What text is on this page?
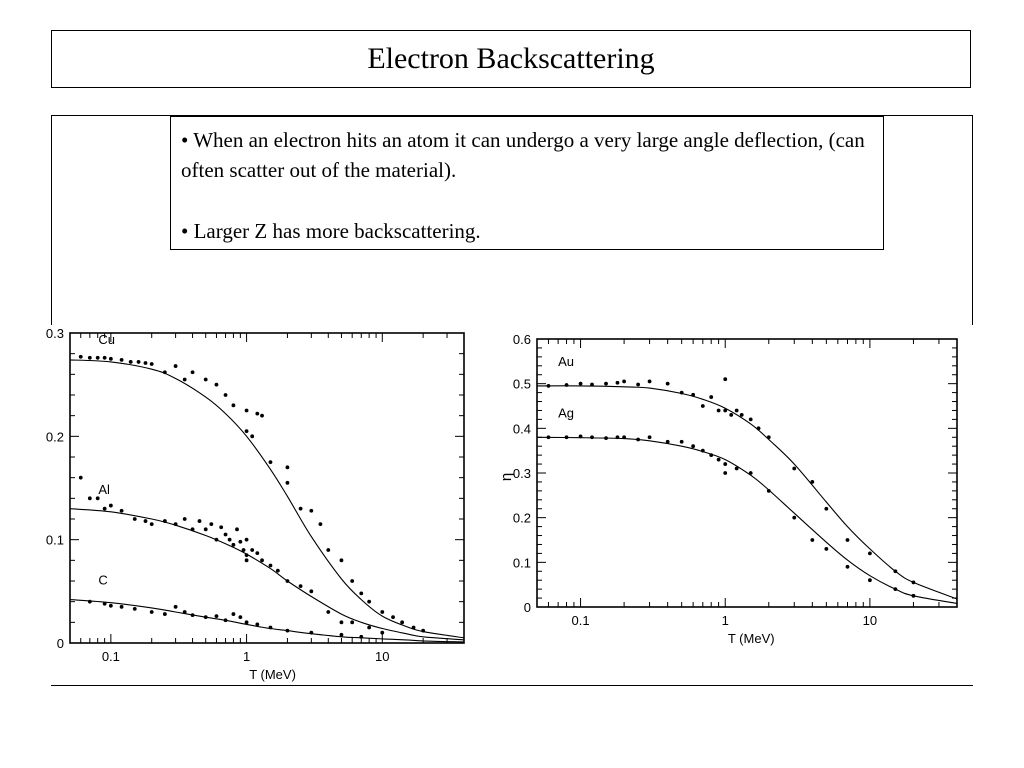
Electron Backscattering

• When an electron hits an atom it can undergo a very large angle deflection, (can often scatter out of the material).

• Larger Z has more backscattering.

0
0.1
0.2
0.3
0.1	1	10
T (MeV)
Cu
Al
C
0
0.1
0.2
0.3
0.4
0.5
0.6
0.1	1	10
T (MeV)
η
Au
Ag
